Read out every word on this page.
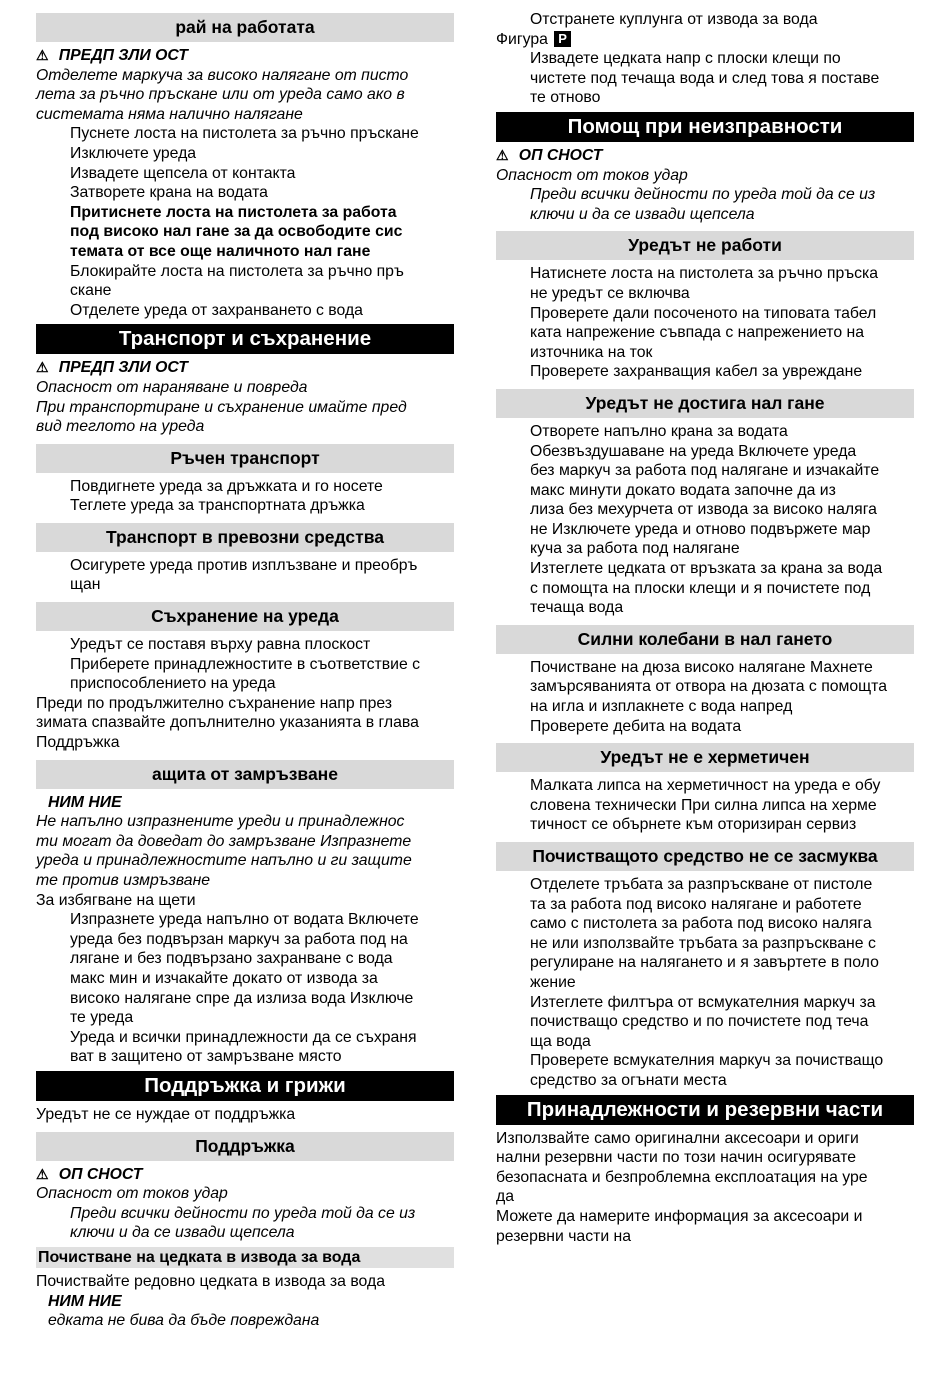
рай на работата
⚠ ПРЕДП ЗЛИ ОСТ
Отделете маркуча за високо налягане от писто
лета за ръчно пръскане или от уреда само ако в
системата няма налично налягане
Пуснете лоста на пистолета за ръчно пръскане
Изключете уреда
Извадете щепсела от контакта
Затворете крана на водата
Притиснете лоста на пистолета за работа
под високо нал гане за да освободите сис
темата от все още наличното нал гане
Блокирайте лоста на пистолета за ръчно пръ
скане
Отделете уреда от захранването с вода
Транспорт и съхранение
⚠ ПРЕДП ЗЛИ ОСТ
Опасност от нараняване и повреда
При транспортиране и съхранение имайте пред
вид теглото на уреда
Ръчен транспорт
Повдигнете уреда за дръжката и го носете
Теглете уреда за транспортната дръжка
Транспорт в превозни средства
Осигурете уреда против изплъзване и преобръ
щан
Съхранение на уреда
Уредът се поставя върху равна плоскост
Приберете принадлежностите в съответствие с
приспособлението на уреда
Преди по продължително съхранение напр през
зимата спазвайте допълнително указанията в глава
Поддръжка
ащита от замръзване
НИМ НИЕ
Не напълно изпразнените уреди и принадлежнос
ти могат да доведат до замръзване Изпразнете
уреда и принадлежностите напълно и ги защите
те против измръзване
За избягване на щети
Изпразнете уреда напълно от водата Включете
уреда без подвързан маркуч за работа под на
лягане и без подвързано захранване с вода
макс мин и изчакайте докато от извода за
високо налягане спре да излиза вода Изключе
те уреда
Уреда и всички принадлежности да се съхраня
ват в защитено от замръзване място
Поддръжка и грижи
Уредът не се нуждае от поддръжка
Поддръжка
⚠ ОП СНОСТ
Опасност от токов удар
Преди всички дейности по уреда той да се из
ключи и да се извади щепсела
Почистване на цедката в извода за вода
Почиствайте редовно цедката в извода за вода
НИМ НИЕ
едката не бива да бъде повреждана
Отстранете куплунга от извода за вода
Фигура P
Извадете цедката напр с плоски клещи по
чистете под течаща вода и след това я поставе
те отново
Помощ при неизправности
⚠ ОП СНОСТ
Опасност от токов удар
Преди всички дейности по уреда той да се из
ключи и да се извади щепсела
Уредът не работи
Натиснете лоста на пистолета за ръчно пръска
не уредът се включва
Проверете дали посоченото на типовата табел
ката напрежение съвпада с напрежението на
източника на ток
Проверете захранващия кабел за увреждане
Уредът не достига нал гане
Отворете напълно крана за водата
Обезвъздушаване на уреда Включете уреда
без маркуч за работа под налягане и изчакайте
макс минути докато водата започне да из
лиза без мехурчета от извода за високо наляга
не Изключете уреда и отново подвържете мар
куча за работа под налягане
Изтеглете цедката от връзката за крана за вода
с помощта на плоски клещи и я почистете под
течаща вода
Силни колебани в нал гането
Почистване на дюза високо налягане Махнете
замърсяванията от отвора на дюзата с помощта
на игла и изплакнете с вода напред
Проверете дебита на водата
Уредът не е херметичен
Малката липса на херметичност на уреда е обу
словена технически При силна липса на херме
тичност се обърнете към оторизиран сервиз
Почистващото средство не се засмуква
Отделете тръбата за разпръскване от пистоле
та за работа под високо налягане и работете
само с пистолета за работа под високо наляга
не или използвайте тръбата за разпръскване с
регулиране на налягането и я завъртете в поло
жение
Изтеглете филтъра от всмукателния маркуч за
почистващо средство и по почистете под теча
ща вода
Проверете всмукателния маркуч за почистващо
средство за огънати места
Принадлежности и резервни части
Използвайте само оригинални аксесоари и ориги
нални резервни части по този начин осигурявате
безопасната и безпроблемна експлоатация на уре
да
Можете да намерите информация за аксесоари и
резервни части на
